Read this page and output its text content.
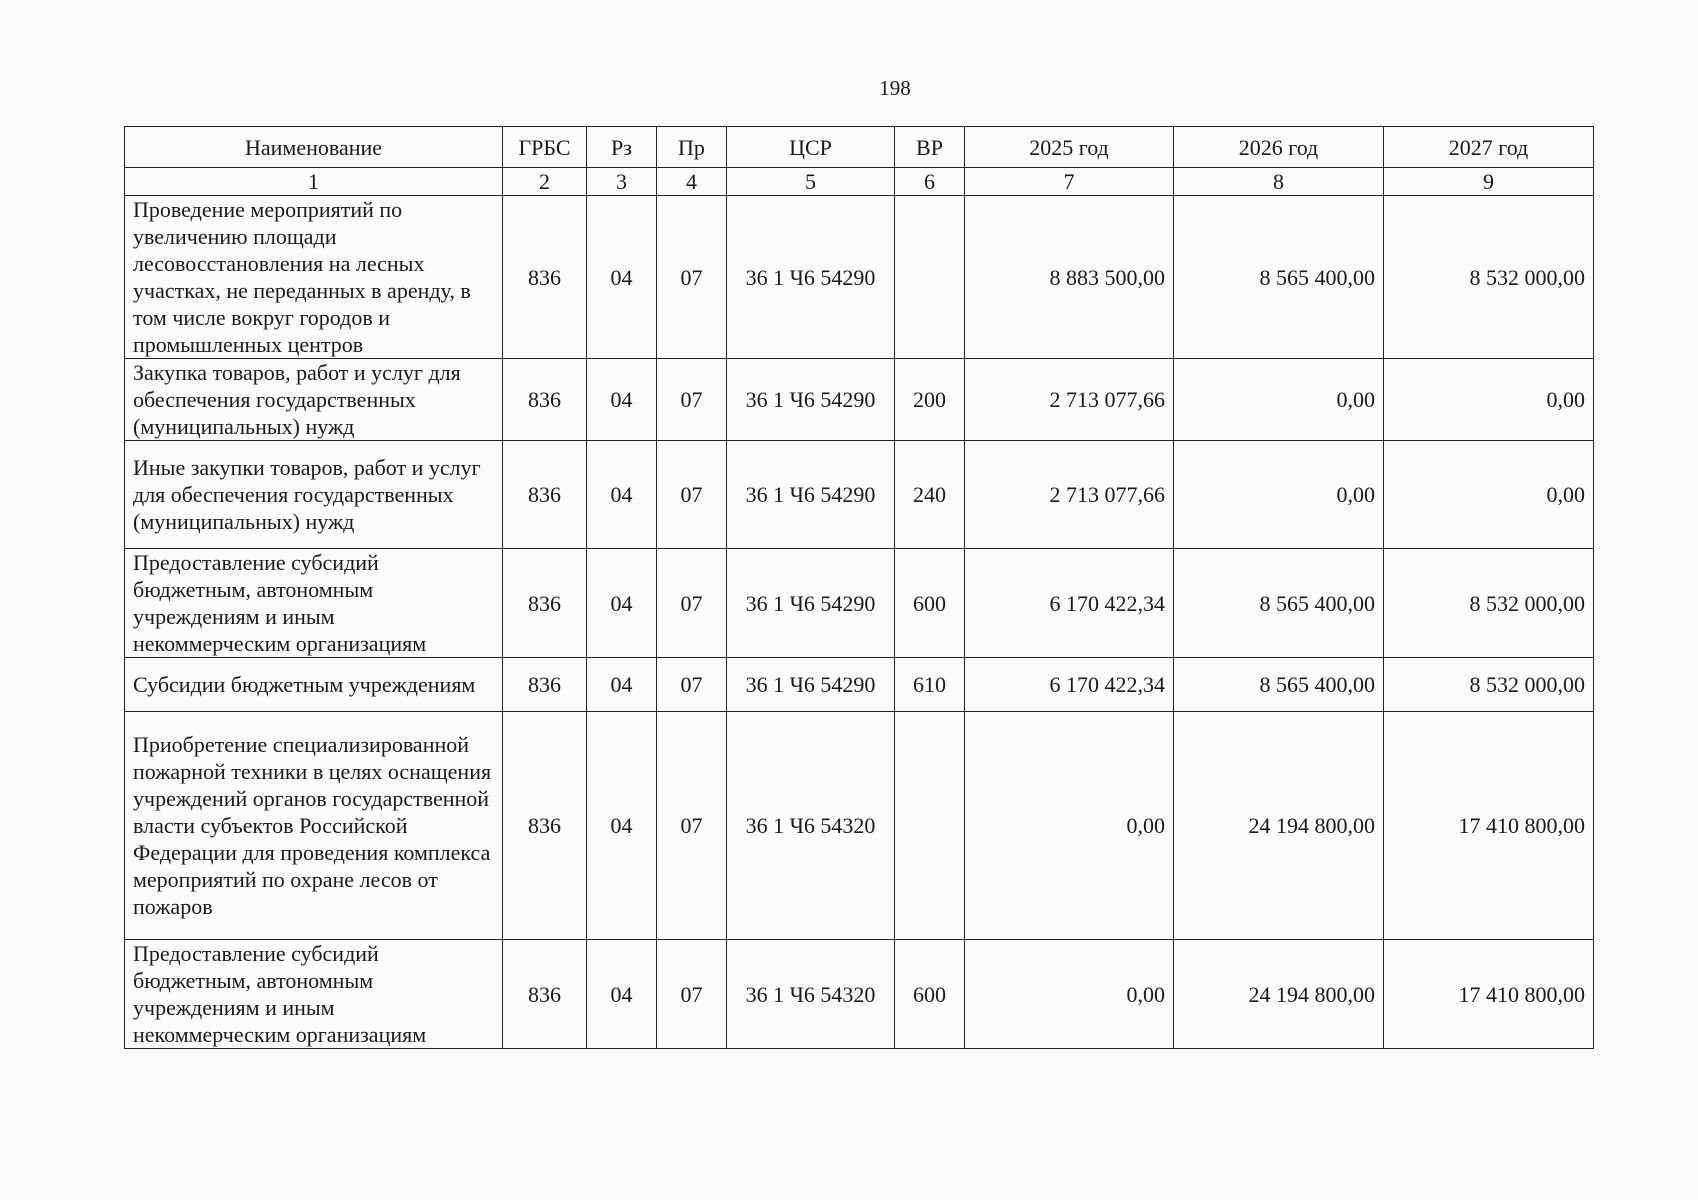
198
Наименование	ГРБС	Рз	Пр	ЦСР	ВР	2025 год	2026 год	2027 год
1	2	3	4	5	6	7	8	9
Проведение мероприятий по увеличению площади лесовосстановления на лесных участках, не переданных в аренду, в том числе вокруг городов и промышленных центров	836	04	07	36 1 Ч6 54290		8 883 500,00	8 565 400,00	8 532 000,00
Закупка товаров, работ и услуг для обеспечения государственных (муниципальных) нужд	836	04	07	36 1 Ч6 54290	200	2 713 077,66	0,00	0,00
Иные закупки товаров, работ и услуг для обеспечения государственных (муниципальных) нужд	836	04	07	36 1 Ч6 54290	240	2 713 077,66	0,00	0,00
Предоставление субсидий бюджетным, автономным учреждениям и иным некоммерческим организациям	836	04	07	36 1 Ч6 54290	600	6 170 422,34	8 565 400,00	8 532 000,00
Субсидии бюджетным учреждениям	836	04	07	36 1 Ч6 54290	610	6 170 422,34	8 565 400,00	8 532 000,00
Приобретение специализированной пожарной техники в целях оснащения учреждений органов государственной власти субъектов Российской Федерации для проведения комплекса мероприятий по охране лесов от пожаров	836	04	07	36 1 Ч6 54320		0,00	24 194 800,00	17 410 800,00
Предоставление субсидий бюджетным, автономным учреждениям и иным некоммерческим организациям	836	04	07	36 1 Ч6 54320	600	0,00	24 194 800,00	17 410 800,00
